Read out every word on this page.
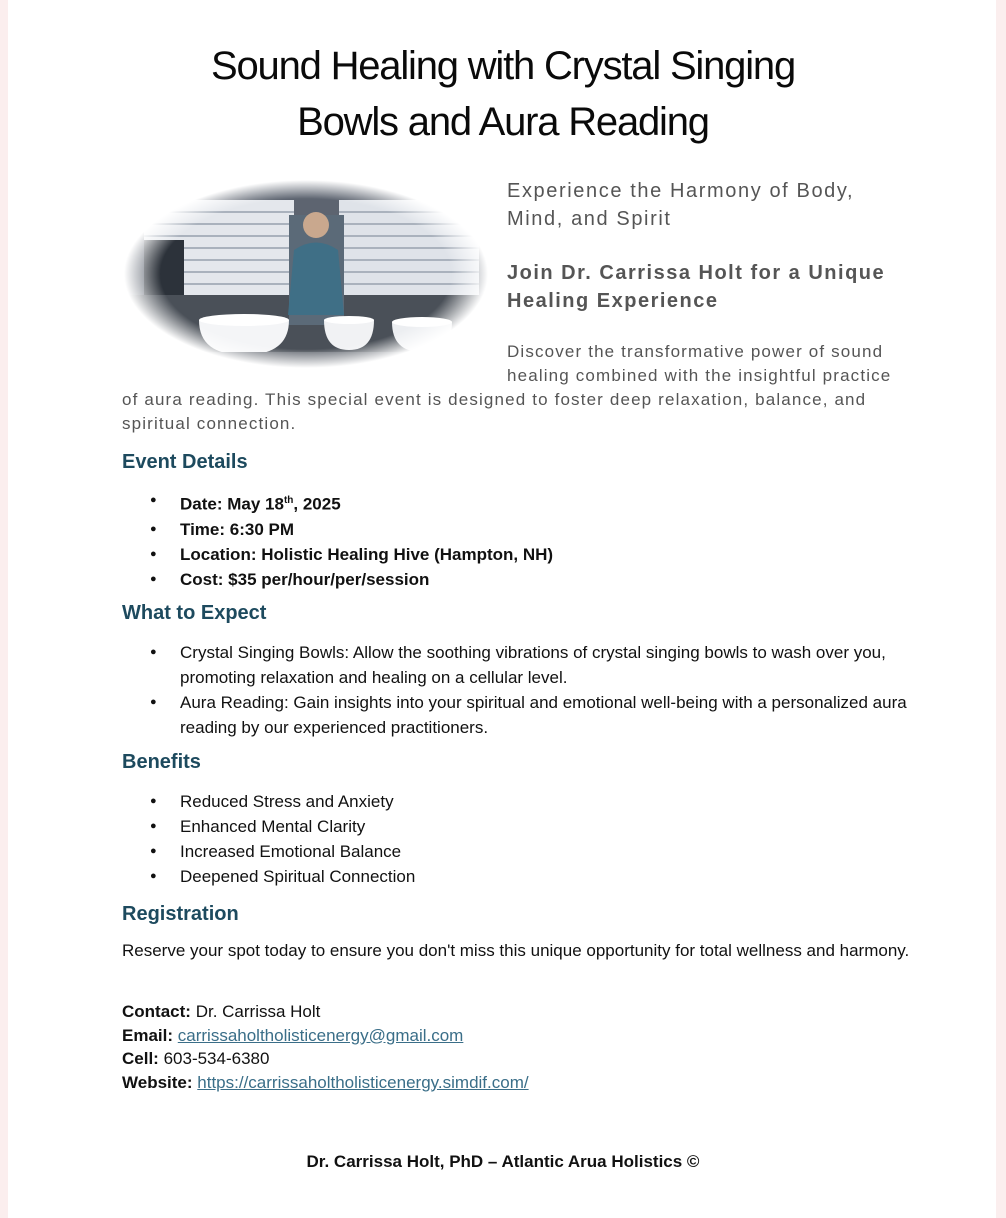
Sound Healing with Crystal Singing
Bowls and Aura Reading
Experience the Harmony of Body, Mind, and Spirit
Join Dr. Carrissa Holt for a Unique Healing Experience
Discover the transformative power of sound healing combined with the insightful practice of aura reading. This special event is designed to foster deep relaxation, balance, and spiritual connection.
Event Details
● Date: May 18th, 2025
● Time: 6:30 PM
● Location: Holistic Healing Hive (Hampton, NH)
● Cost: $35 per/hour/per/session
What to Expect
● Crystal Singing Bowls: Allow the soothing vibrations of crystal singing bowls to wash over you, promoting relaxation and healing on a cellular level.
● Aura Reading: Gain insights into your spiritual and emotional well-being with a personalized aura reading by our experienced practitioners.
Benefits
● Reduced Stress and Anxiety
● Enhanced Mental Clarity
● Increased Emotional Balance
● Deepened Spiritual Connection
Registration
Reserve your spot today to ensure you don't miss this unique opportunity for total wellness and harmony.
Contact: Dr. Carrissa Holt
Email: carrissaholtholisticenergy@gmail.com
Cell: 603-534-6380
Website: https://carrissaholtholisticenergy.simdif.com/
Dr. Carrissa Holt, PhD – Atlantic Arua Holistics ©
